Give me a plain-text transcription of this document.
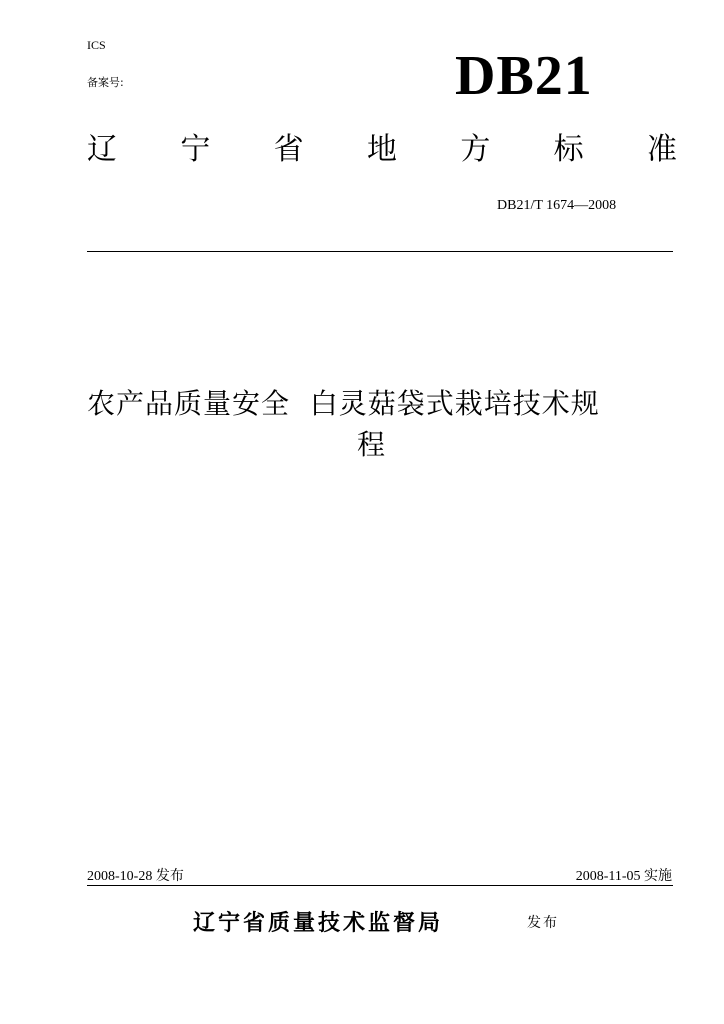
ICS
备案号:	DB21
辽 宁 省 地 方 标 准
DB21/T 1674—2008
农产品质量安全  白灵菇袋式栽培技术规
程
2008-10-28 发布	2008-11-05 实施
辽宁省质量技术监督局	发布
